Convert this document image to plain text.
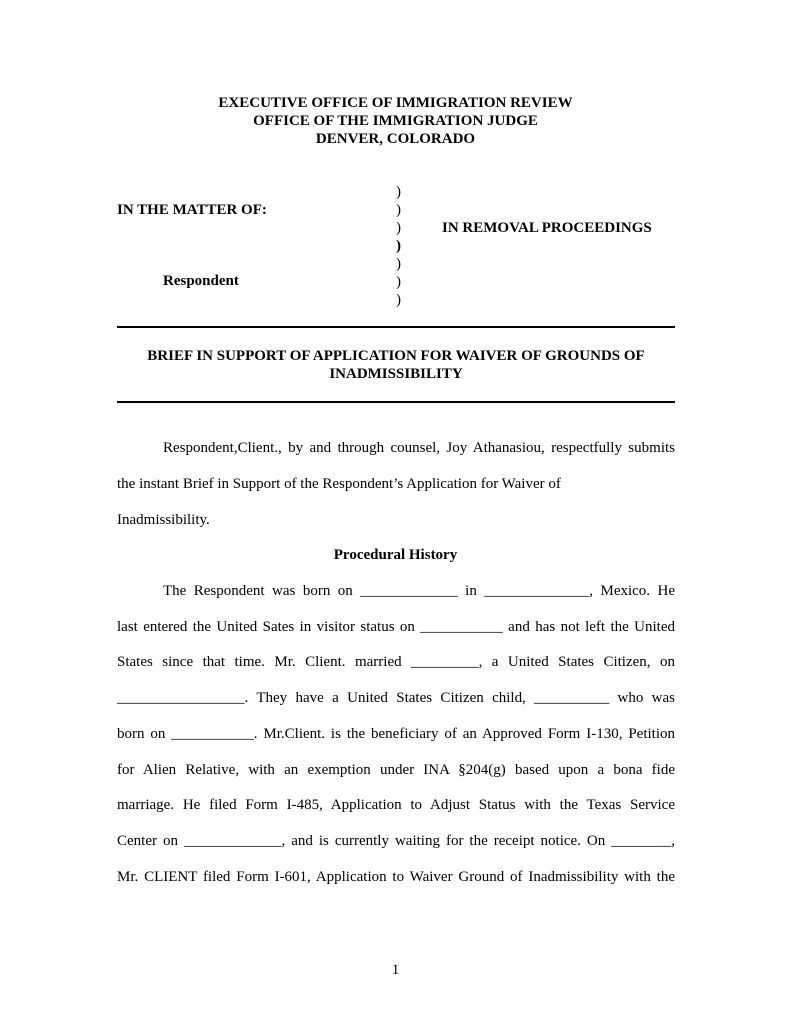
EXECUTIVE OFFICE OF IMMIGRATION REVIEW
OFFICE OF THE IMMIGRATION JUDGE
DENVER, COLORADO
IN THE MATTER OF:
Respondent
IN REMOVAL PROCEEDINGS
)
)
)
)
)
)
)
BRIEF IN SUPPORT OF APPLICATION FOR WAIVER OF GROUNDS OF
INADMISSIBILITY
Respondent,Client., by and through counsel, Joy Athanasiou, respectfully submits
the instant Brief in Support of the Respondent’s Application for Waiver of
Inadmissibility.
Procedural History
The Respondent was born on _____________ in ______________, Mexico. He
last entered the United Sates in visitor status on ___________ and has not left the United
States since that time. Mr. Client. married _________, a United States Citizen, on
_________________. They have a United States Citizen child, __________ who was
born on ___________. Mr.Client. is the beneficiary of an Approved Form I-130, Petition
for Alien Relative, with an exemption under INA §204(g) based upon a bona fide
marriage. He filed Form I-485, Application to Adjust Status with the Texas Service
Center on _____________, and is currently waiting for the receipt notice. On ________,
Mr. CLIENT filed Form I-601, Application to Waiver Ground of Inadmissibility with the
1
